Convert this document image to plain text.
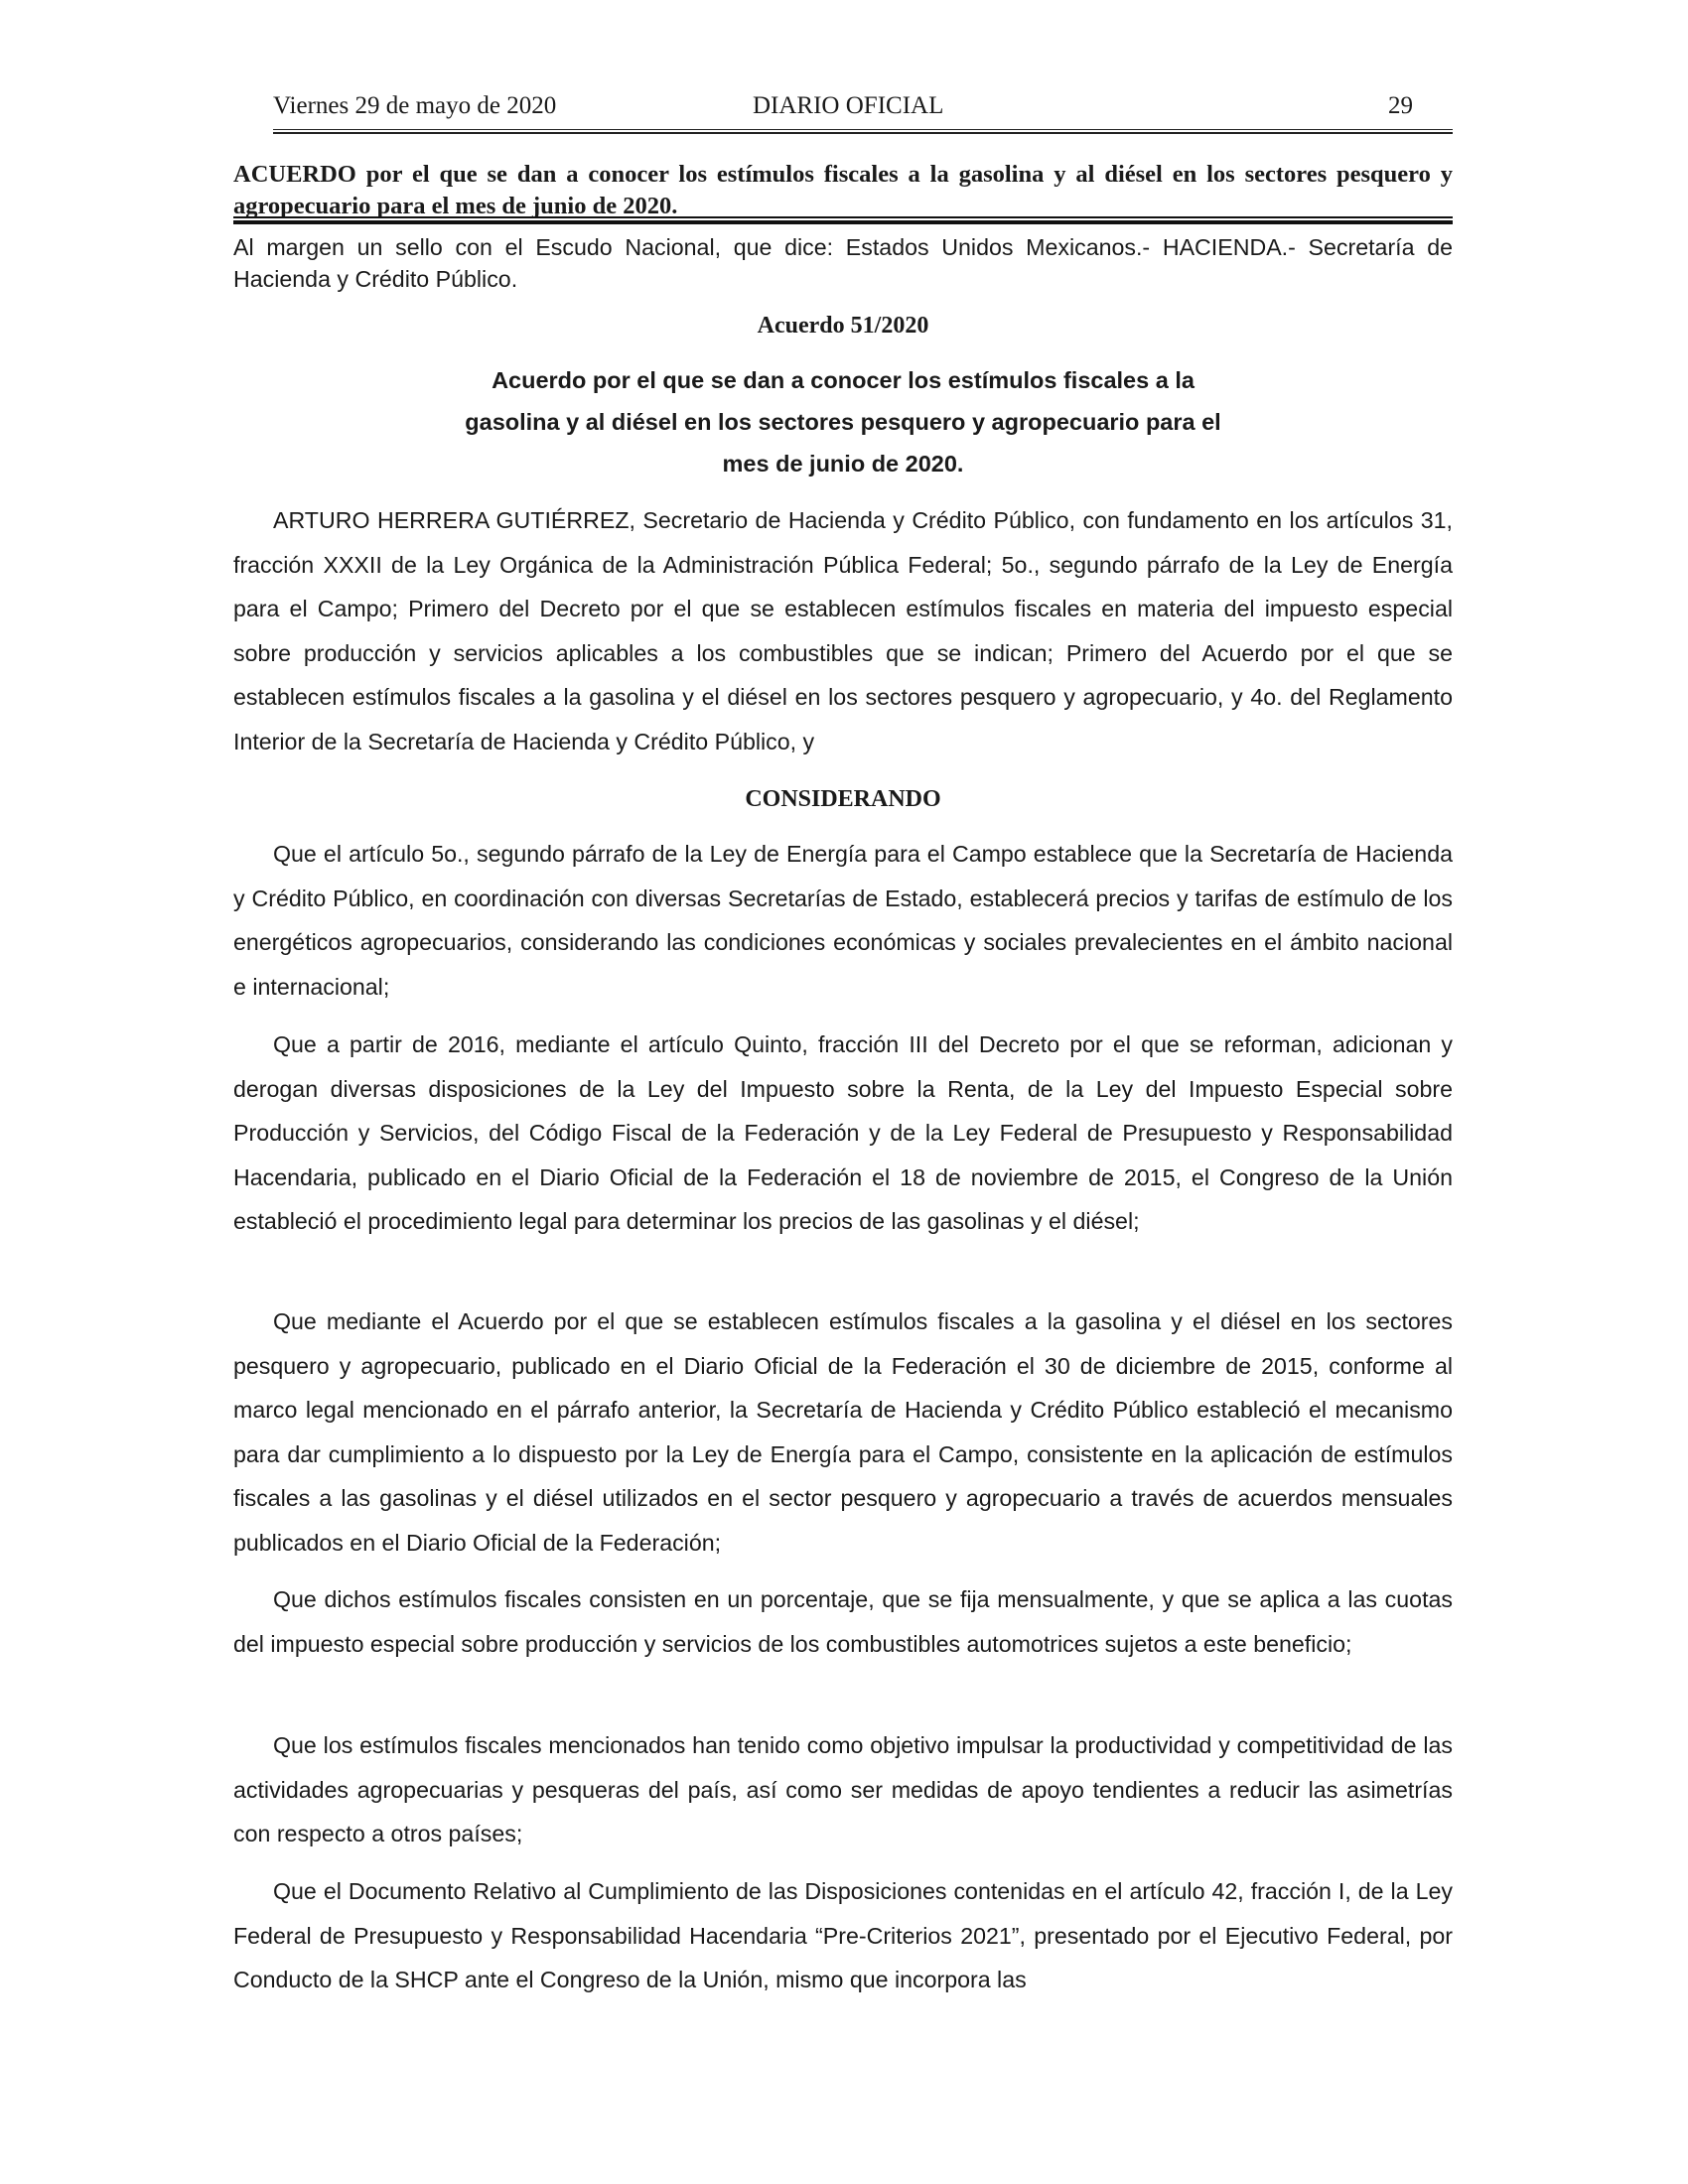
Viernes 29 de mayo de 2020	DIARIO OFICIAL	29
ACUERDO por el que se dan a conocer los estímulos fiscales a la gasolina y al diésel en los sectores pesquero y agropecuario para el mes de junio de 2020.
Al margen un sello con el Escudo Nacional, que dice: Estados Unidos Mexicanos.- HACIENDA.- Secretaría de Hacienda y Crédito Público.
Acuerdo 51/2020
Acuerdo por el que se dan a conocer los estímulos fiscales a la
gasolina y al diésel en los sectores pesquero y agropecuario para el
mes de junio de 2020.

ARTURO HERRERA GUTIÉRREZ, Secretario de Hacienda y Crédito Público, con fundamento en los artículos 31, fracción XXXII de la Ley Orgánica de la Administración Pública Federal; 5o., segundo párrafo de la Ley de Energía para el Campo; Primero del Decreto por el que se establecen estímulos fiscales en materia del impuesto especial sobre producción y servicios aplicables a los combustibles que se indican; Primero del Acuerdo por el que se establecen estímulos fiscales a la gasolina y el diésel en los sectores pesquero y agropecuario, y 4o. del Reglamento Interior de la Secretaría de Hacienda y Crédito Público, y

CONSIDERANDO

Que el artículo 5o., segundo párrafo de la Ley de Energía para el Campo establece que la Secretaría de Hacienda y Crédito Público, en coordinación con diversas Secretarías de Estado, establecerá precios y tarifas de estímulo de los energéticos agropecuarios, considerando las condiciones económicas y sociales prevalecientes en el ámbito nacional e internacional;

Que a partir de 2016, mediante el artículo Quinto, fracción III del Decreto por el que se reforman, adicionan y derogan diversas disposiciones de la Ley del Impuesto sobre la Renta, de la Ley del Impuesto Especial sobre Producción y Servicios, del Código Fiscal de la Federación y de la Ley Federal de Presupuesto y Responsabilidad Hacendaria, publicado en el Diario Oficial de la Federación el 18 de noviembre de 2015, el Congreso de la Unión estableció el procedimiento legal para determinar los precios de las gasolinas y el diésel;

Que mediante el Acuerdo por el que se establecen estímulos fiscales a la gasolina y el diésel en los sectores pesquero y agropecuario, publicado en el Diario Oficial de la Federación el 30 de diciembre de 2015, conforme al marco legal mencionado en el párrafo anterior, la Secretaría de Hacienda y Crédito Público estableció el mecanismo para dar cumplimiento a lo dispuesto por la Ley de Energía para el Campo, consistente en la aplicación de estímulos fiscales a las gasolinas y el diésel utilizados en el sector pesquero y agropecuario a través de acuerdos mensuales publicados en el Diario Oficial de la Federación;

Que dichos estímulos fiscales consisten en un porcentaje, que se fija mensualmente, y que se aplica a las cuotas del impuesto especial sobre producción y servicios de los combustibles automotrices sujetos a este beneficio;

Que los estímulos fiscales mencionados han tenido como objetivo impulsar la productividad y competitividad de las actividades agropecuarias y pesqueras del país, así como ser medidas de apoyo tendientes a reducir las asimetrías con respecto a otros países;

Que el Documento Relativo al Cumplimiento de las Disposiciones contenidas en el artículo 42, fracción I, de la Ley Federal de Presupuesto y Responsabilidad Hacendaria “Pre-Criterios 2021”, presentado por el Ejecutivo Federal, por Conducto de la SHCP ante el Congreso de la Unión, mismo que incorpora las
